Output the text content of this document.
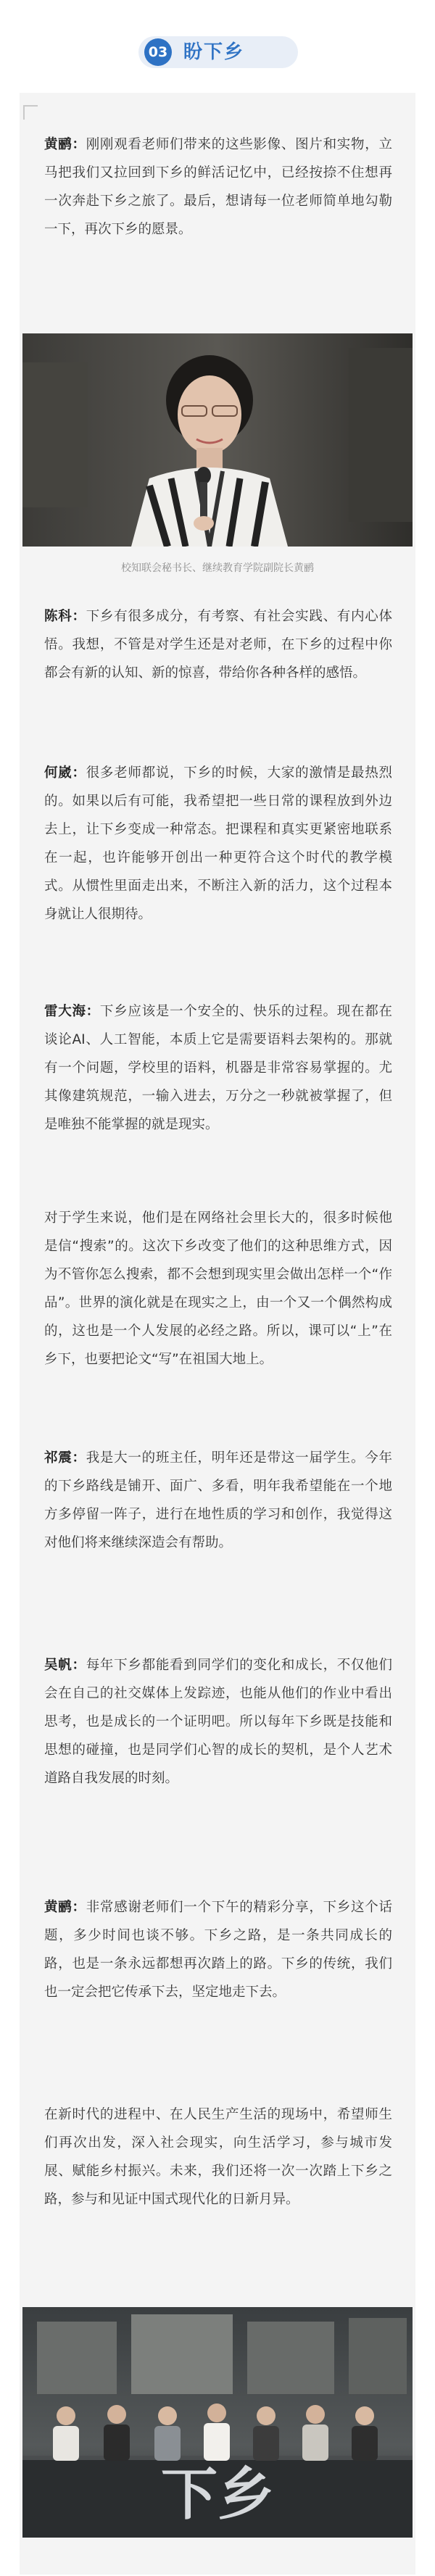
03 盼下乡

黄鹂：刚刚观看老师们带来的这些影像、图片和实物，立马把我们又拉回到下乡的鲜活记忆中，已经按捺不住想再一次奔赴下乡之旅了。最后，想请每一位老师简单地勾勒一下，再次下乡的愿景。

校知联会秘书长、继续教育学院副院长黄鹂

陈科：下乡有很多成分，有考察、有社会实践、有内心体悟。我想，不管是对学生还是对老师，在下乡的过程中你都会有新的认知、新的惊喜，带给你各种各样的感悟。

何崴：很多老师都说，下乡的时候，大家的激情是最热烈的。如果以后有可能，我希望把一些日常的课程放到外边去上，让下乡变成一种常态。把课程和真实更紧密地联系在一起，也许能够开创出一种更符合这个时代的教学模式。从惯性里面走出来，不断注入新的活力，这个过程本身就让人很期待。

雷大海：下乡应该是一个安全的、快乐的过程。现在都在谈论AI、人工智能，本质上它是需要语料去架构的。那就有一个问题，学校里的语料，机器是非常容易掌握的。尤其像建筑规范，一输入进去，万分之一秒就被掌握了，但是唯独不能掌握的就是现实。

对于学生来说，他们是在网络社会里长大的，很多时候他是信“搜索”的。这次下乡改变了他们的这种思维方式，因为不管你怎么搜索，都不会想到现实里会做出怎样一个“作品”。世界的演化就是在现实之上，由一个又一个偶然构成的，这也是一个人发展的必经之路。所以，课可以“上”在乡下，也要把论文“写”在祖国大地上。

祁震：我是大一的班主任，明年还是带这一届学生。今年的下乡路线是铺开、面广、多看，明年我希望能在一个地方多停留一阵子，进行在地性质的学习和创作，我觉得这对他们将来继续深造会有帮助。

吴帆：每年下乡都能看到同学们的变化和成长，不仅他们会在自己的社交媒体上发踪迹，也能从他们的作业中看出思考，也是成长的一个证明吧。所以每年下乡既是技能和思想的碰撞，也是同学们心智的成长的契机，是个人艺术道路自我发展的时刻。

黄鹂：非常感谢老师们一个下午的精彩分享，下乡这个话题，多少时间也谈不够。下乡之路，是一条共同成长的路，也是一条永远都想再次踏上的路。下乡的传统，我们也一定会把它传承下去，坚定地走下去。

在新时代的进程中、在人民生产生活的现场中，希望师生们再次出发，深入社会现实，向生活学习，参与城市发展、赋能乡村振兴。未来，我们还将一次一次踏上下乡之路，参与和见证中国式现代化的日新月异。

下乡
